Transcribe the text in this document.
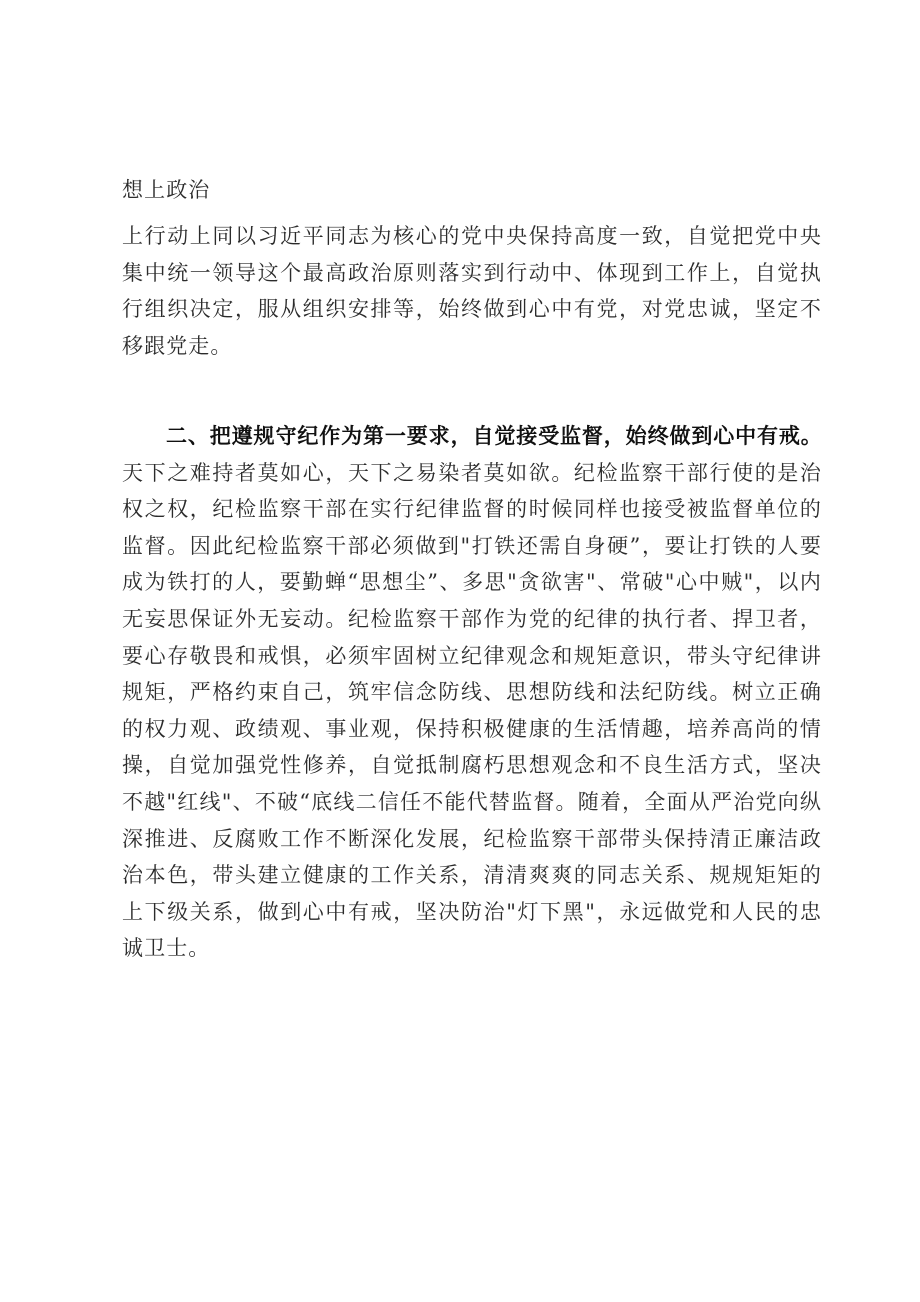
想上政治

上行动上同以习近平同志为核心的党中央保持高度一致，自觉把党中央集中统一领导这个最高政治原则落实到行动中、体现到工作上，自觉执行组织决定，服从组织安排等，始终做到心中有党，对党忠诚，坚定不移跟党走。

二、把遵规守纪作为第一要求，自觉接受监督，始终做到心中有戒。天下之难持者莫如心，天下之易染者莫如欲。纪检监察干部行使的是治权之权，纪检监察干部在实行纪律监督的时候同样也接受被监督单位的监督。因此纪检监察干部必须做到"打铁还需自身硬”，要让打铁的人要成为铁打的人，要勤蝉“思想尘”、多思"贪欲害"、常破"心中贼"，以内无妄思保证外无妄动。纪检监察干部作为党的纪律的执行者、捍卫者，要心存敬畏和戒惧，必须牢固树立纪律观念和规矩意识，带头守纪律讲规矩，严格约束自己，筑牢信念防线、思想防线和法纪防线。树立正确的权力观、政绩观、事业观，保持积极健康的生活情趣，培养高尚的情操，自觉加强党性修养，自觉抵制腐朽思想观念和不良生活方式，坚决不越"红线"、不破“底线二信任不能代替监督。随着，全面从严治党向纵深推进、反腐败工作不断深化发展，纪检监察干部带头保持清正廉洁政治本色，带头建立健康的工作关系，清清爽爽的同志关系、规规矩矩的上下级关系，做到心中有戒，坚决防治"灯下黑"，永远做党和人民的忠诚卫士。
